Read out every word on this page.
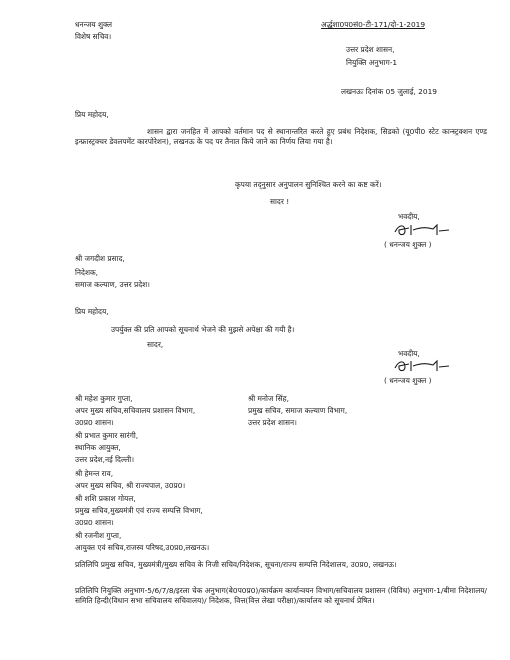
धनन्जय शुक्ल
विशेष सचिव।
अर्द्धशा0प0सं0-टी-171/दो-1-2019
उत्तर प्रदेश शासन,
नियुक्ति अनुभाग-1
लखनऊः दिनांक 05 जुलाई, 2019
प्रिय महोदय,
शासन द्वारा जनहित में आपको वर्तमान पद से स्थानान्तरित करते हुए प्रबंध निदेशक, सिडको (यू0पी0 स्टेट कान्स्ट्रक्शन एण्ड इन्फ्रास्ट्रक्चर डेवलपमेंट कारपोरेशन), लखनऊ के पद पर तैनात किये जाने का निर्णय लिया गया है।
कृपया तद्नुसार अनुपालन सुनिश्चित करने का कष्ट करें।
सादर !
भवदीय,
( धनन्जय शुक्ल )
श्री जगदीश प्रसाद,
निदेशक,
समाज कल्याण, उत्तर प्रदेश।
प्रिय महोदय,
उपर्युक्त की प्रति आपको सूचनार्थ भेजने की मुझसे अपेक्षा की गयी है।
सादर,
भवदीय,
( धनन्जय शुक्ल )
श्री महेश कुमार गुप्ता,
अपर मुख्य सचिव,सचिवालय प्रशासन विभाग,
उ0प्र0 शासन।
श्री प्रभात कुमार सारंगी,
स्थानिक आयुक्त,
उत्तर प्रदेश,नई दिल्ली।
श्री हेमन्त राव,
अपर मुख्य सचिव, श्री राज्यपाल, उ0प्र0।
श्री शशि प्रकाश गोयल,
प्रमुख सचिव,मुख्यमंत्री एवं राज्य सम्पत्ति विभाग,
उ0प्र0 शासन।
श्री रजनीश गुप्ता,
आयुक्त एवं सचिव,राजस्व परिषद,उ0प्र0,लखनऊ।
श्री मनोज सिंह,
प्रमुख सचिव, समाज कल्याण विभाग,
उत्तर प्रदेश शासन।
प्रतिलिपि प्रमुख सचिव, मुख्यमंत्री/मुख्य सचिव के निजी सचिव/निदेशक, सूचना/राज्य सम्पत्ति निदेशालय, उ0प्र0, लखनऊ।
प्रतिलिपि नियुक्ति अनुभाग-5/6/7/8/इरला चेक अनुभाग(बे0प0प्र0)/कार्यक्रम कार्यान्वयन विभाग/सचिवालय प्रशासन (विविध) अनुभाग-1/बीमा निदेशालय/समिति हिन्दी(विधान सभा सचिवालय सचिवालय)/ निदेशक, वित्त(वित्त लेखा परीक्षा)/कार्यालय को सूचनार्थ प्रेषित।
